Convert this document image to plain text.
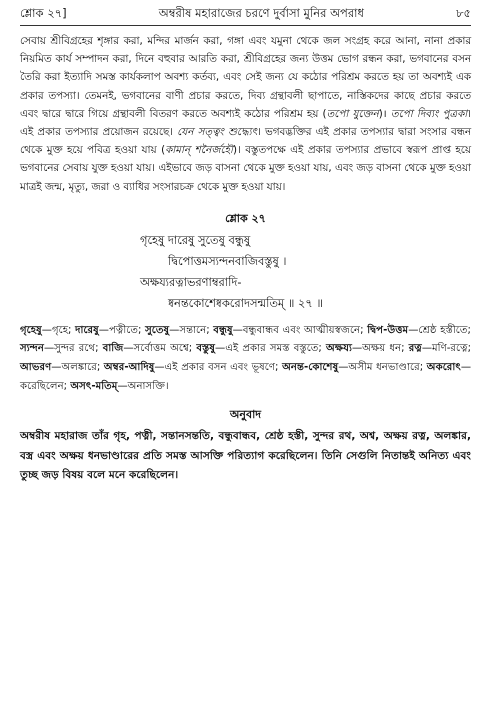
শ্লোক ২৭]	অম্বরীষ মহারাজের চরণে দুর্বাসা মুনির অপরাধ	৮৫

সেবায় শ্রীবিগ্রহের শৃঙ্গার করা, মন্দির মার্জন করা, গঙ্গা এবং যমুনা থেকে জল সংগ্রহ করে আনা, নানা প্রকার নিয়মিত কার্য সম্পাদন করা, দিনে বহুবার আরতি করা, শ্রীবিগ্রহের জন্য উত্তম ভোগ রন্ধন করা, ভগবানের বসন তৈরি করা ইত্যাদি সমস্ত কার্যকলাপ অবশ্য কর্তব্য, এবং সেই জন্য যে কঠোর পরিশ্রম করতে হয় তা অবশ্যই এক প্রকার তপস্যা। তেমনই, ভগবানের বাণী প্রচার করতে, দিব্য গ্রন্থাবলী ছাপাতে, নাস্তিকদের কাছে প্রচার করতে এবং দ্বারে দ্বারে গিয়ে গ্রন্থাবলী বিতরণ করতে অবশ্যই কঠোর পরিশ্রম হয় (তপো যুক্তেন)। তপো দিব্যং পুত্রকা। এই প্রকার তপস্যার প্রয়োজন রয়েছে। যেন সত্ত্বং শুদ্ধ্যেৎ। ভগবদ্ভক্তির এই প্রকার তপস্যার দ্বারা সংসার বন্ধন থেকে মুক্ত হয়ে পবিত্র হওয়া যায় (কামান্ শনৈর্জহৌ)। বস্তুতপক্ষে এই প্রকার তপস্যার প্রভাবে স্বরূপ প্রাপ্ত হয়ে ভগবানের সেবায় যুক্ত হওয়া যায়। এইভাবে জড় বাসনা থেকে মুক্ত হওয়া যায়, এবং জড় বাসনা থেকে মুক্ত হওয়া মাত্রই জন্ম, মৃত্যু, জরা ও ব্যাধির সংসারচক্র থেকে মুক্ত হওয়া যায়।

শ্লোক ২৭
গৃহেষু দারেষু সুতেষু বন্ধুষু
দ্বিপোত্তমস্যন্দনবাজিবস্তুষু ।
অক্ষয্যরত্নাভরণাম্বরাদি-
ষ্বনন্তকোশেষ্বকরোদসন্মতিম্ ॥ ২৭ ॥
গৃহেষু—গৃহে; দারেষু—পত্নীতে; সুতেষু—সন্তানে; বন্ধুষু—বন্ধুবান্ধব এবং আত্মীয়স্বজনে; দ্বিপ-উত্তম—শ্রেষ্ঠ হস্তীতে; স্যন্দন—সুন্দর রথে; বাজি—সর্বোত্তম অশ্বে; বস্তুষু—এই প্রকার সমস্ত বস্তুতে; অক্ষয্য—অক্ষয় ধন; রত্ন—মণি-রত্নে; আভরণ—অলঙ্কারে; অম্বর-আদিষু—এই প্রকার বসন এবং ভূষণে; অনন্ত-কোশেষু—অসীম ধনভাণ্ডারে; অকরোৎ—করেছিলেন; অসৎ-মতিম্—অনাসক্তি।
অনুবাদ
অম্বরীষ মহারাজ তাঁর গৃহ, পত্নী, সন্তানসন্ততি, বন্ধুবান্ধব, শ্রেষ্ঠ হস্তী, সুন্দর রথ, অশ্ব, অক্ষয় রত্ন, অলঙ্কার, বস্ত্র এবং অক্ষয় ধনভাণ্ডারের প্রতি সমস্ত আসক্তি পরিত্যাগ করেছিলেন। তিনি সেগুলি নিতান্তই অনিত্য এবং তুচ্ছ জড় বিষয় বলে মনে করেছিলেন।
